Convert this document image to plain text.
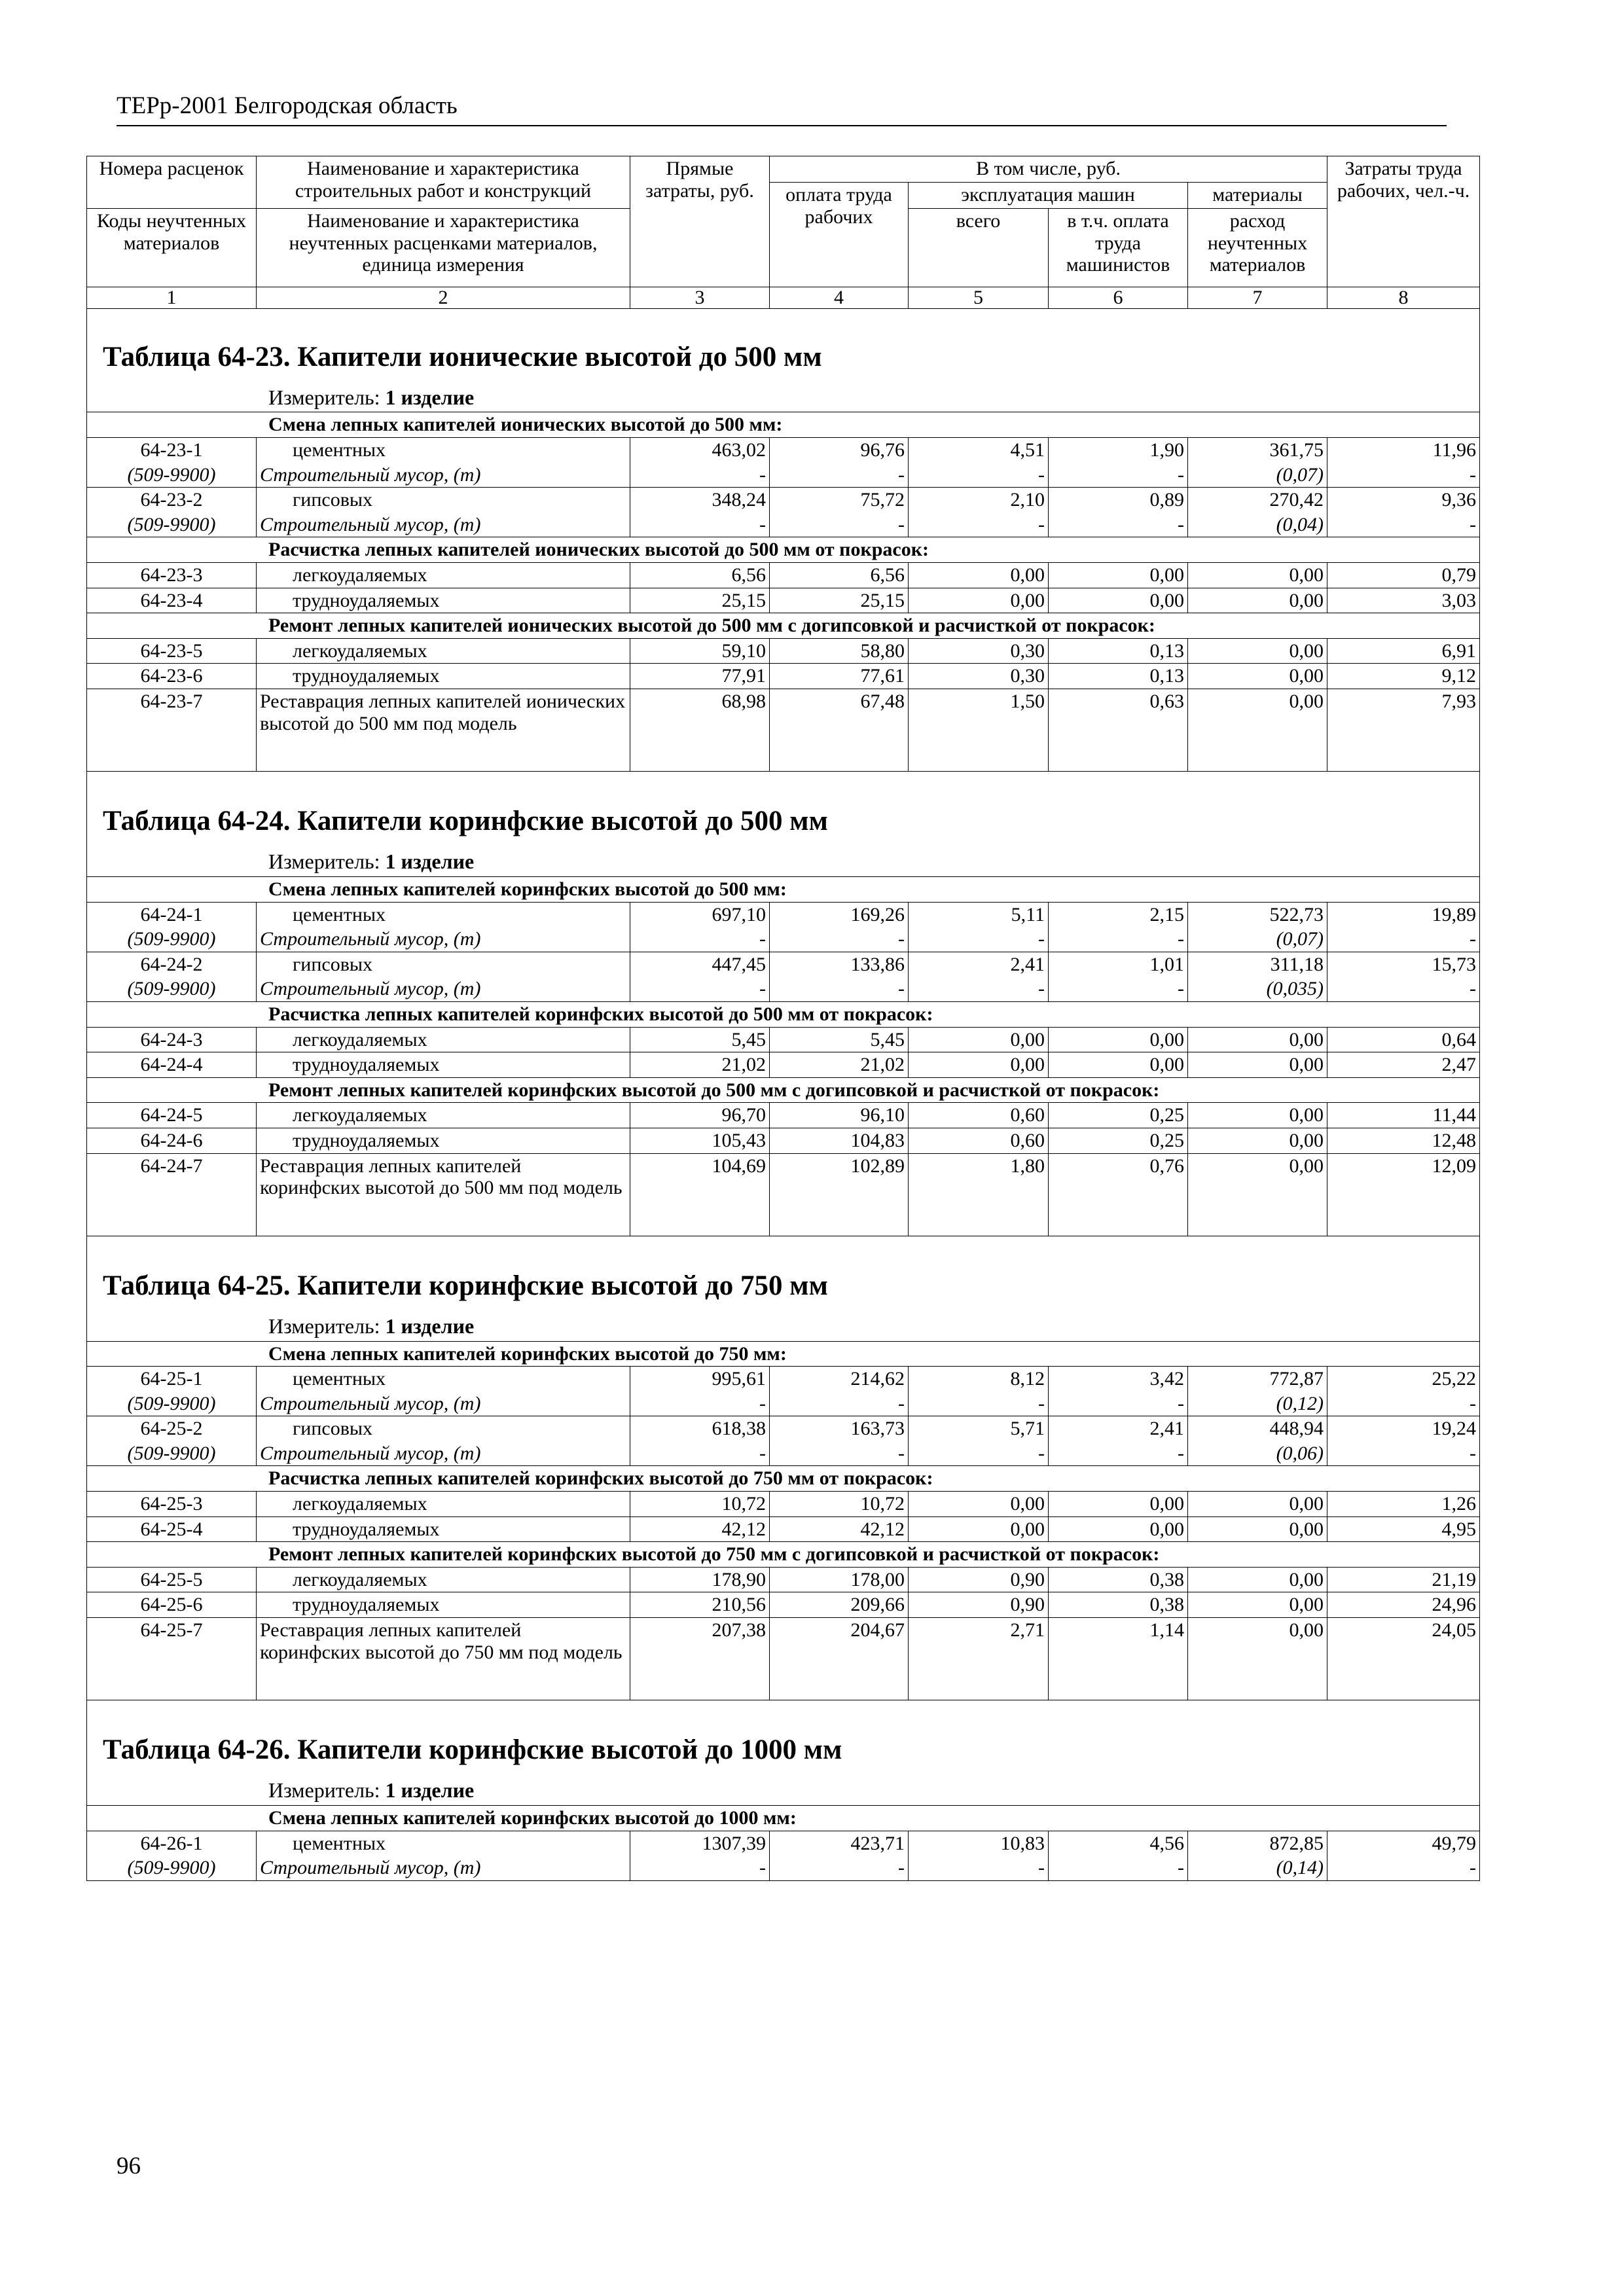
ТЕРр-2001 Белгородская область
Номера расценок	Наименование и характеристика строительных работ и конструкций	Прямые затраты, руб.	В том числе, руб.				Затраты труда рабочих, чел.-ч.
			оплата труда рабочих	эксплуатация машин		материалы	
Коды неучтенных материалов	Наименование и характеристика неучтенных расценками материалов, единица измерения			всего	в т.ч. оплата труда машинистов	расход неучтенных материалов	

1	2	3	4	5	6	7	8
Таблица 64-23. Капители ионические высотой до 500 мм							
Измеритель: 1 изделие							
Смена лепных капителей ионических высотой до 500 мм:							
64-23-1	цементных	463,02	96,76	4,51	1,90	361,75	11,96
(509-9900)	Строительный мусор, (т)	-	-	-	-	(0,07)	-
64-23-2	гипсовых	348,24	75,72	2,10	0,89	270,42	9,36
(509-9900)	Строительный мусор, (т)	-	-	-	-	(0,04)	-
Расчистка лепных капителей ионических высотой до 500 мм от покрасок:							
64-23-3	легкоудаляемых	6,56	6,56	0,00	0,00	0,00	0,79
64-23-4	трудноудаляемых	25,15	25,15	0,00	0,00	0,00	3,03
Ремонт лепных капителей ионических высотой до 500 мм с догипсовкой и расчисткой от покрасок:							
64-23-5	легкоудаляемых	59,10	58,80	0,30	0,13	0,00	6,91
64-23-6	трудноудаляемых	77,91	77,61	0,30	0,13	0,00	9,12
64-23-7	Реставрация лепных капителей ионических высотой до 500 мм под модель	68,98	67,48	1,50	0,63	0,00	7,93
Таблица 64-24. Капители коринфские высотой до 500 мм							
Измеритель: 1 изделие							
Смена лепных капителей коринфских высотой до 500 мм:							
64-24-1	цементных	697,10	169,26	5,11	2,15	522,73	19,89
(509-9900)	Строительный мусор, (т)	-	-	-	-	(0,07)	-
64-24-2	гипсовых	447,45	133,86	2,41	1,01	311,18	15,73
(509-9900)	Строительный мусор, (т)	-	-	-	-	(0,035)	-
Расчистка лепных капителей коринфских высотой до 500 мм от покрасок:							
64-24-3	легкоудаляемых	5,45	5,45	0,00	0,00	0,00	0,64
64-24-4	трудноудаляемых	21,02	21,02	0,00	0,00	0,00	2,47
Ремонт лепных капителей коринфских высотой до 500 мм с догипсовкой и расчисткой от покрасок:							
64-24-5	легкоудаляемых	96,70	96,10	0,60	0,25	0,00	11,44
64-24-6	трудноудаляемых	105,43	104,83	0,60	0,25	0,00	12,48
64-24-7	Реставрация лепных капителей коринфских высотой до 500 мм под модель	104,69	102,89	1,80	0,76	0,00	12,09
Таблица 64-25. Капители коринфские высотой до 750 мм							
Измеритель: 1 изделие							
Смена лепных капителей коринфских высотой до 750 мм:							
64-25-1	цементных	995,61	214,62	8,12	3,42	772,87	25,22
(509-9900)	Строительный мусор, (т)	-	-	-	-	(0,12)	-
64-25-2	гипсовых	618,38	163,73	5,71	2,41	448,94	19,24
(509-9900)	Строительный мусор, (т)	-	-	-	-	(0,06)	-
Расчистка лепных капителей коринфских высотой до 750 мм от покрасок:							
64-25-3	легкоудаляемых	10,72	10,72	0,00	0,00	0,00	1,26
64-25-4	трудноудаляемых	42,12	42,12	0,00	0,00	0,00	4,95
Ремонт лепных капителей коринфских высотой до 750 мм с догипсовкой и расчисткой от покрасок:							
64-25-5	легкоудаляемых	178,90	178,00	0,90	0,38	0,00	21,19
64-25-6	трудноудаляемых	210,56	209,66	0,90	0,38	0,00	24,96
64-25-7	Реставрация лепных капителей коринфских высотой до 750 мм под модель	207,38	204,67	2,71	1,14	0,00	24,05
Таблица 64-26. Капители коринфские высотой до 1000 мм							
Измеритель: 1 изделие							
Смена лепных капителей коринфских высотой до 1000 мм:							
64-26-1	цементных	1307,39	423,71	10,83	4,56	872,85	49,79
(509-9900)	Строительный мусор, (т)	-	-	-	-	(0,14)	-
96
